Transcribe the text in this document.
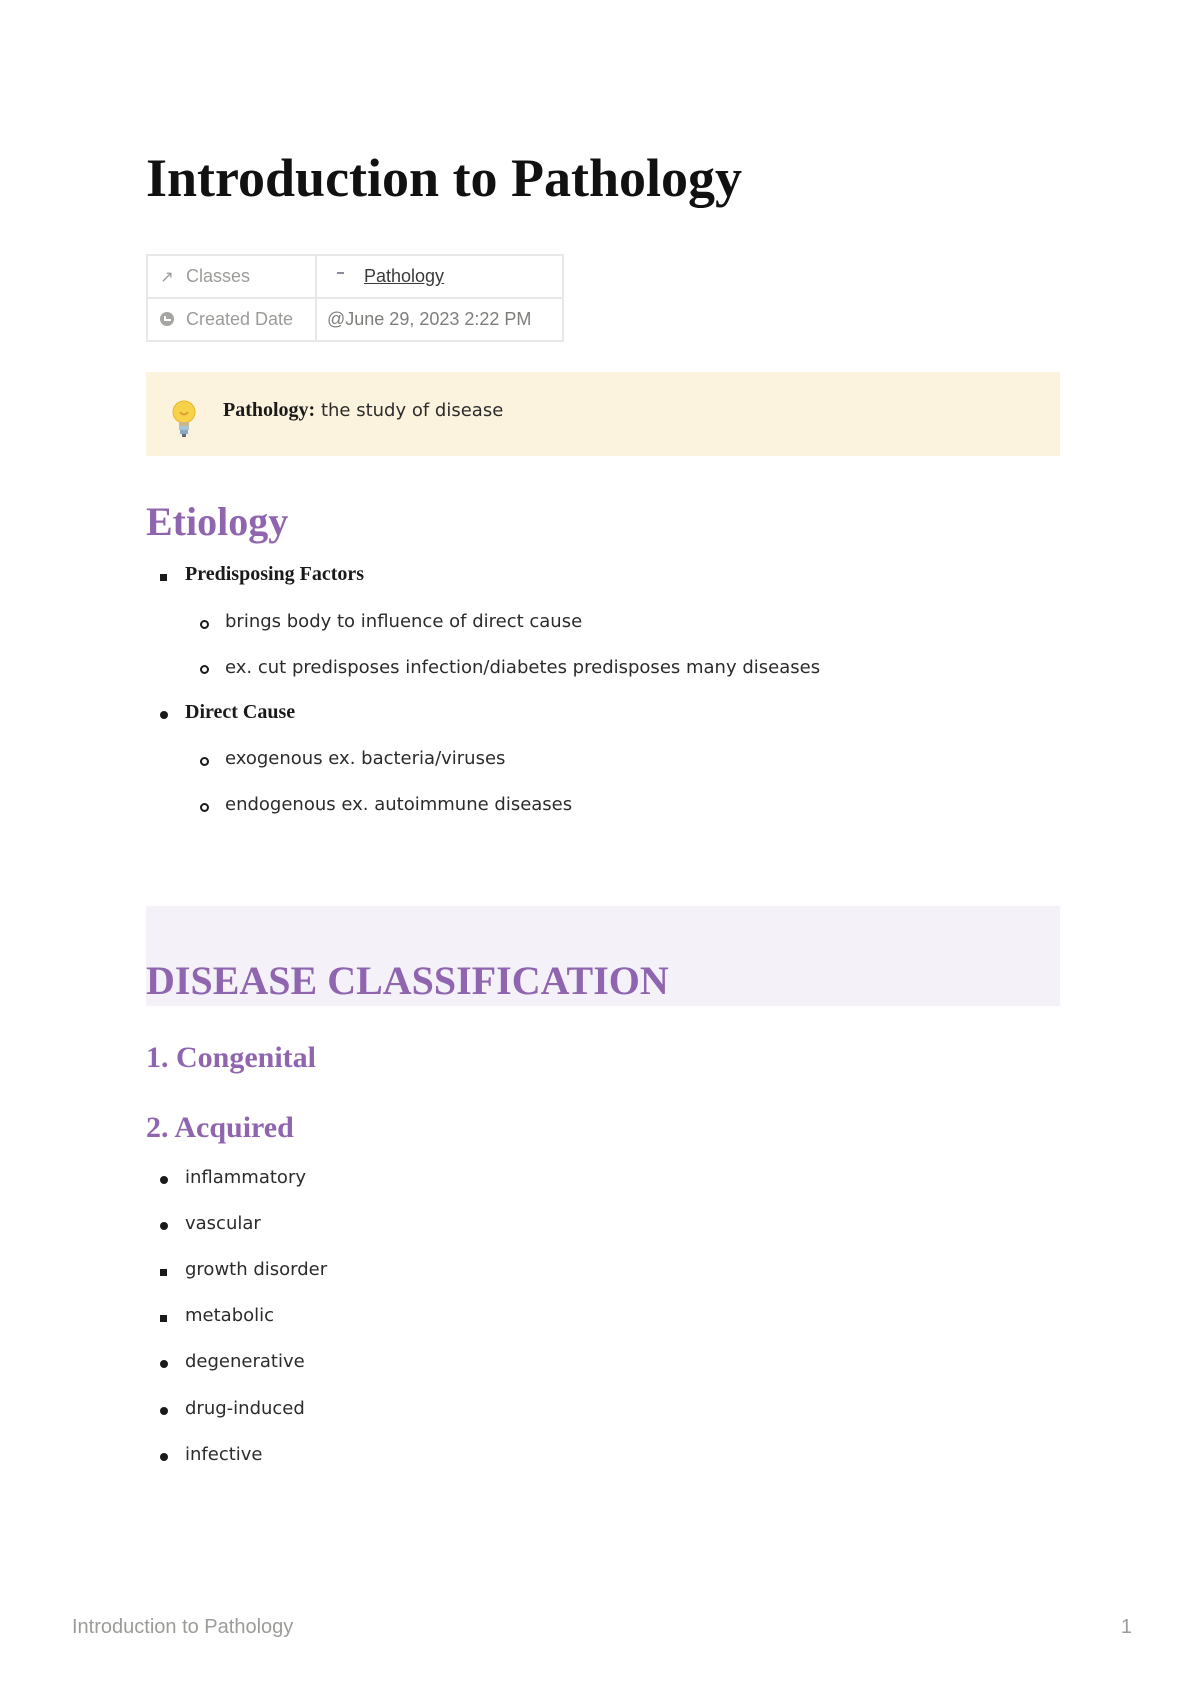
Introduction to Pathology
↗ Classes	Pathology
Created Date	@June 29, 2023 2:22 PM
Pathology: the study of disease
Etiology
Predisposing Factors
brings body to influence of direct cause
ex. cut predisposes infection/diabetes predisposes many diseases
Direct Cause
exogenous ex. bacteria/viruses
endogenous ex. autoimmune diseases
DISEASE CLASSIFICATION
1. Congenital
2. Acquired
inflammatory
vascular
growth disorder
metabolic
degenerative
drug-induced
infective
Introduction to Pathology	1
